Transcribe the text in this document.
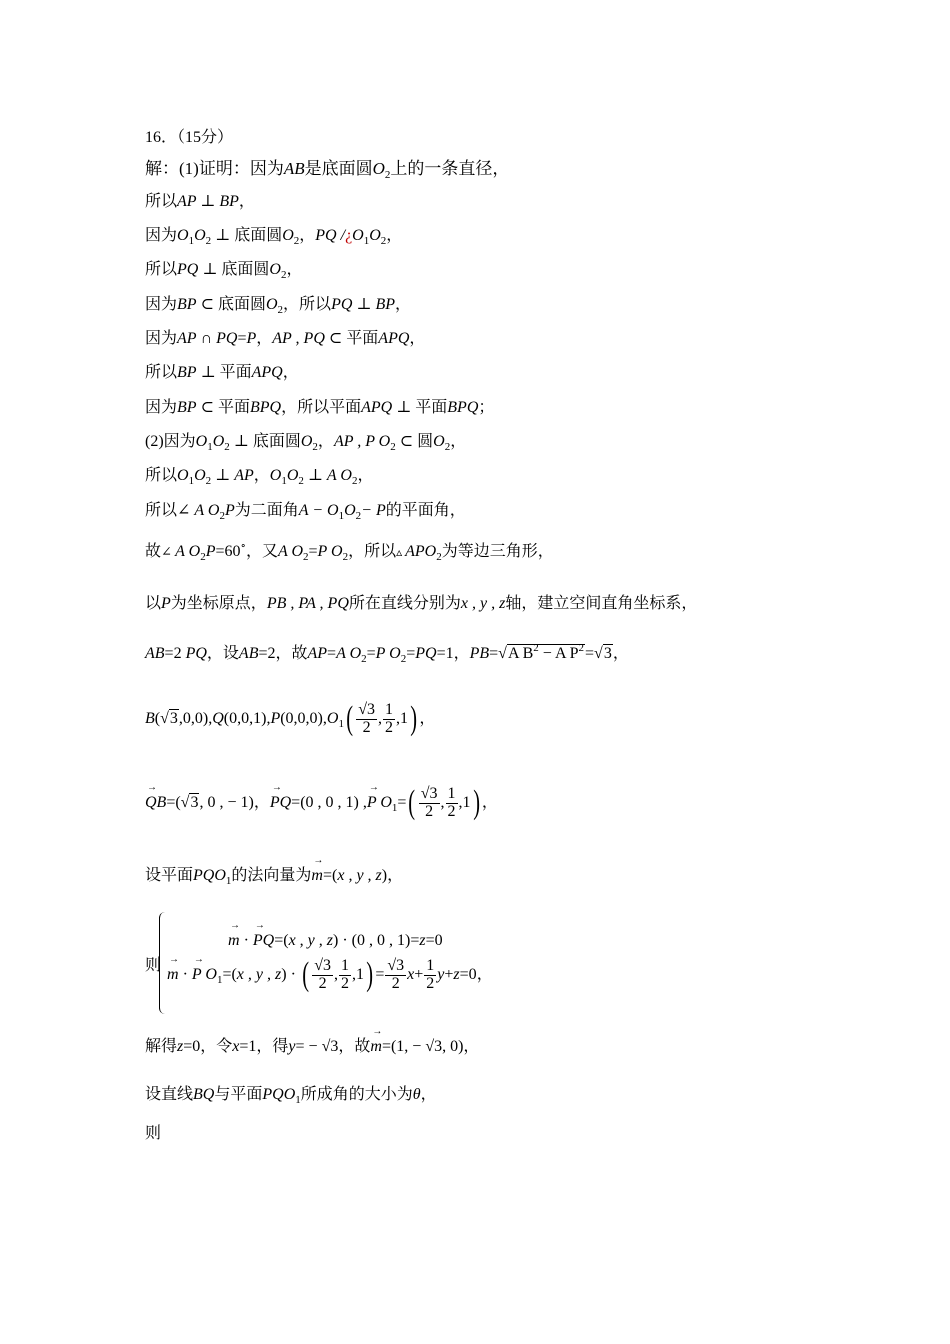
16．（15分）
解：(1)证明：因为AB是底面圆$O_2$上的一条直径，
所以AP ⊥ BP，
因为$O_1O_2$ ⊥ 底面圆$O_2$，PQ $/¿O_1O_2$，
所以PQ ⊥ 底面圆$O_2$，
因为BP ⊂ 底面圆$O_2$，所以PQ ⊥ BP，
因为AP ∩ PQ=P，AP , PQ ⊂ 平面APQ，
所以BP ⊥ 平面APQ，
因为BP ⊂ 平面BPQ，所以平面APQ ⊥ 平面BPQ；
(2)因为$O_1O_2$ ⊥ 底面圆$O_2$，AP , P $O_2$ ⊂ 圆$O_2$，
所以$O_1O_2$ ⊥ AP，$O_1O_2$ ⊥ A $O_2$，
所以∠ A $O_2P$为二面角$A - O_1O_2- P$的平面角，
故∠ A $O_2P=60^\circ$，又A $O_2=P$ $O_2$，所以▵ $APO_2$为等边三角形，
以P为坐标原点，PB , PA , PQ所在直线分别为x , y , z轴，建立空间直角坐标系，
AB=2 PQ，设AB=2，故AP=A $O_2=P$ $O_2=PQ=1$，PB=√A $B^2 - A$ $P^2=√3$，
$B(√3,0,0),Q(0,0,1),P(0,0,0),O_1( \frac{√3}{2}$ , $\frac{1}{2} ,1$) ，
→ QB=(√3, 0 , − 1)，→ PQ=(0 , 0 , 1) ,→ P $O_1=( \frac{√3}{2}$ , $\frac{1}{2} ,1$) ，
设平面$PQO_1$的法向量为→ m=(x , y , z)，
→ m · → PQ=(x , y , z) · (0 , 0 , 1)=z=0
则
→ m · → P $O_1=(x$ , y , z) · ( $\frac{√3}{2}$ , $\frac{1}{2} ,1) = \frac{√3}{2} x+ \frac{1}{2} y+z=0$，
解得z=0，令x=1，得y= − √3，故→ m=(1, − √3, 0)，
设直线BQ与平面$PQO_1$所成角的大小为θ，
则
